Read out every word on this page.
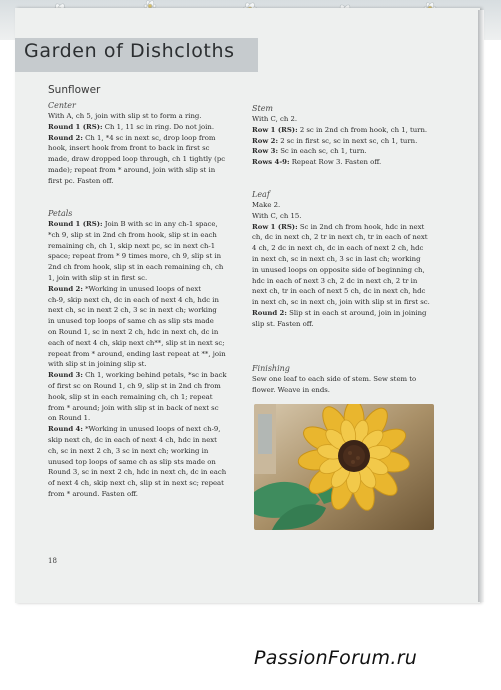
Garden of Dishcloths
Sunflower
Center

With A, ch 5, join with slip st to form a ring.

Round 1 (RS): Ch 1, 11 sc in ring. Do not join.

Round 2: Ch 1, *4 sc in next sc, drop loop from

hook, insert hook from front to back in first sc

made, draw dropped loop through, ch 1 tightly (pc

made); repeat from * around, join with slip st in

first pc. Fasten off.

Petals

Round 1 (RS): Join B with sc in any ch-1 space,

*ch 9, slip st in 2nd ch from hook, slip st in each

remaining ch, ch 1, skip next pc, sc in next ch-1

space; repeat from * 9 times more, ch 9, slip st in

2nd ch from hook, slip st in each remaining ch, ch

1, join with slip st in first sc.

Round 2: *Working in unused loops of next

ch-9, skip next ch, dc in each of next 4 ch, hdc in

next ch, sc in next 2 ch, 3 sc in next ch; working

in unused top loops of same ch as slip sts made

on Round 1, sc in next 2 ch, hdc in next ch, dc in

each of next 4 ch, skip next ch**, slip st in next sc;

repeat from * around, ending last repeat at **, join

with slip st in joining slip st.

Round 3: Ch 1, working behind petals, *sc in back

of first sc on Round 1, ch 9, slip st in 2nd ch from

hook, slip st in each remaining ch, ch 1; repeat

from * around; join with slip st in back of next sc

on Round 1.

Round 4: *Working in unused loops of next ch-9,

skip next ch, dc in each of next 4 ch, hdc in next

ch, sc in next 2 ch, 3 sc in next ch; working in

unused top loops of same ch as slip sts made on

Round 3, sc in next 2 ch, hdc in next ch, dc in each

of next 4 ch, skip next ch, slip st in next sc; repeat

from * around. Fasten off.

Stem

With C, ch 2.

Row 1 (RS): 2 sc in 2nd ch from hook, ch 1, turn.

Row 2: 2 sc in first sc, sc in next sc, ch 1, turn.

Row 3: Sc in each sc, ch 1, turn.

Rows 4-9: Repeat Row 3. Fasten off.

Leaf

Make 2.

With C, ch 15.

Row 1 (RS): Sc in 2nd ch from hook, hdc in next

ch, dc in next ch, 2 tr in next ch, tr in each of next

4 ch, 2 dc in next ch, dc in each of next 2 ch, hdc

in next ch, sc in next ch, 3 sc in last ch; working

in unused loops on opposite side of beginning ch,

hdc in each of next 3 ch, 2 dc in next ch, 2 tr in

next ch, tr in each of next 5 ch, dc in next ch, hdc

in next ch, sc in next ch, join with slip st in first sc.

Round 2: Slip st in each st around, join in joining

slip st. Fasten off.

Finishing

Sew one leaf to each side of stem. Sew stem to

flower. Weave in ends.

18
PassionForum.ru
